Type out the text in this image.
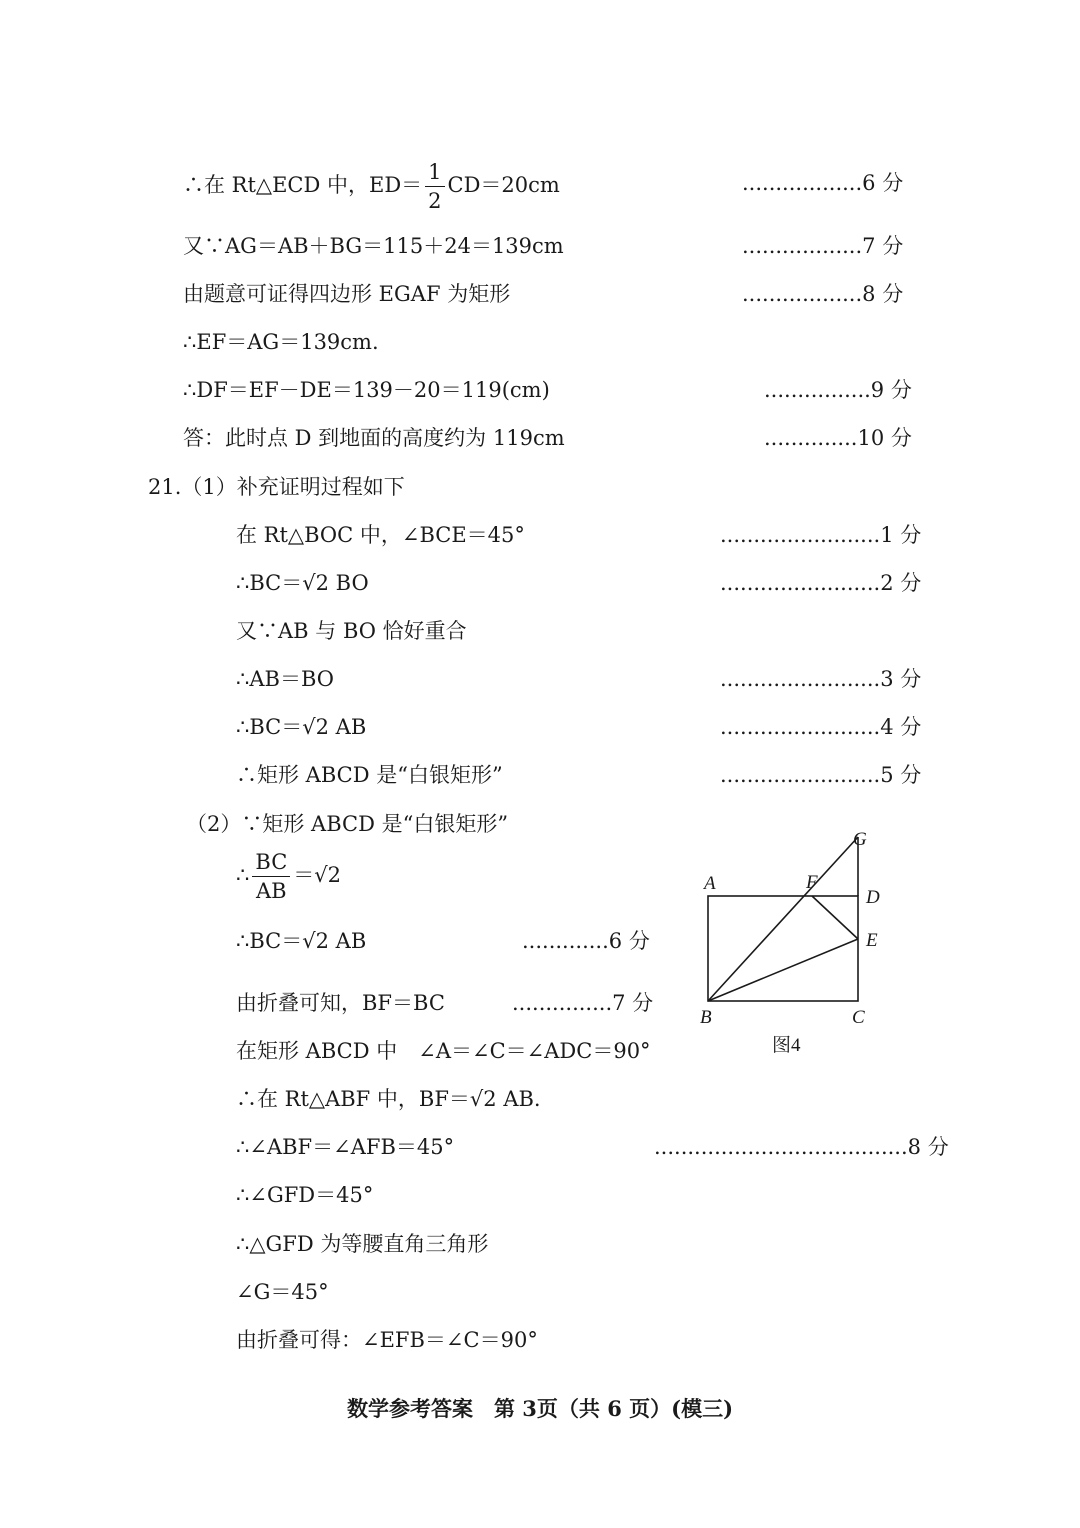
∴在 Rt△ECD 中，$ED= \frac{1}{2} CD=20cm$	..................6 分
又∵AG＝AB＋BG＝115＋24＝139cm	..................7 分
由题意可证得四边形 EGAF 为矩形	..................8 分
∴EF＝AG＝139cm.
∴DF＝EF－DE＝139－20＝119(cm)	................9 分
答：此时点 D 到地面的高度约为 119cm	..............10 分
21.（1）补充证明过程如下
在 Rt△BOC 中，∠BCE＝45°	........................1 分
∴BC＝√2 BO	........................2 分
又∵AB 与 BO 恰好重合
∴AB＝BO	........................3 分
∴BC＝√2 AB	........................4 分
∴矩形 ABCD 是“白银矩形”	........................5 分
（2）∵矩形 ABCD 是“白银矩形”
∴ $\frac{BC}{AB} =√2$
∴BC＝√2 AB	.............6 分
由折叠可知，BF＝BC	...............7 分
在矩形 ABCD 中　∠A＝∠C＝∠ADC＝90°
∴在 Rt△ABF 中，BF＝√2 AB.
∴∠ABF＝∠AFB＝45°	......................................8 分
∴∠GFD＝45°
∴△GFD 为等腰直角三角形
∠G＝45°
由折叠可得：∠EFB＝∠C＝90°
A	F
G
D
E
B	C
图4
数学参考答案　第 3页（共 6 页）(模三)
